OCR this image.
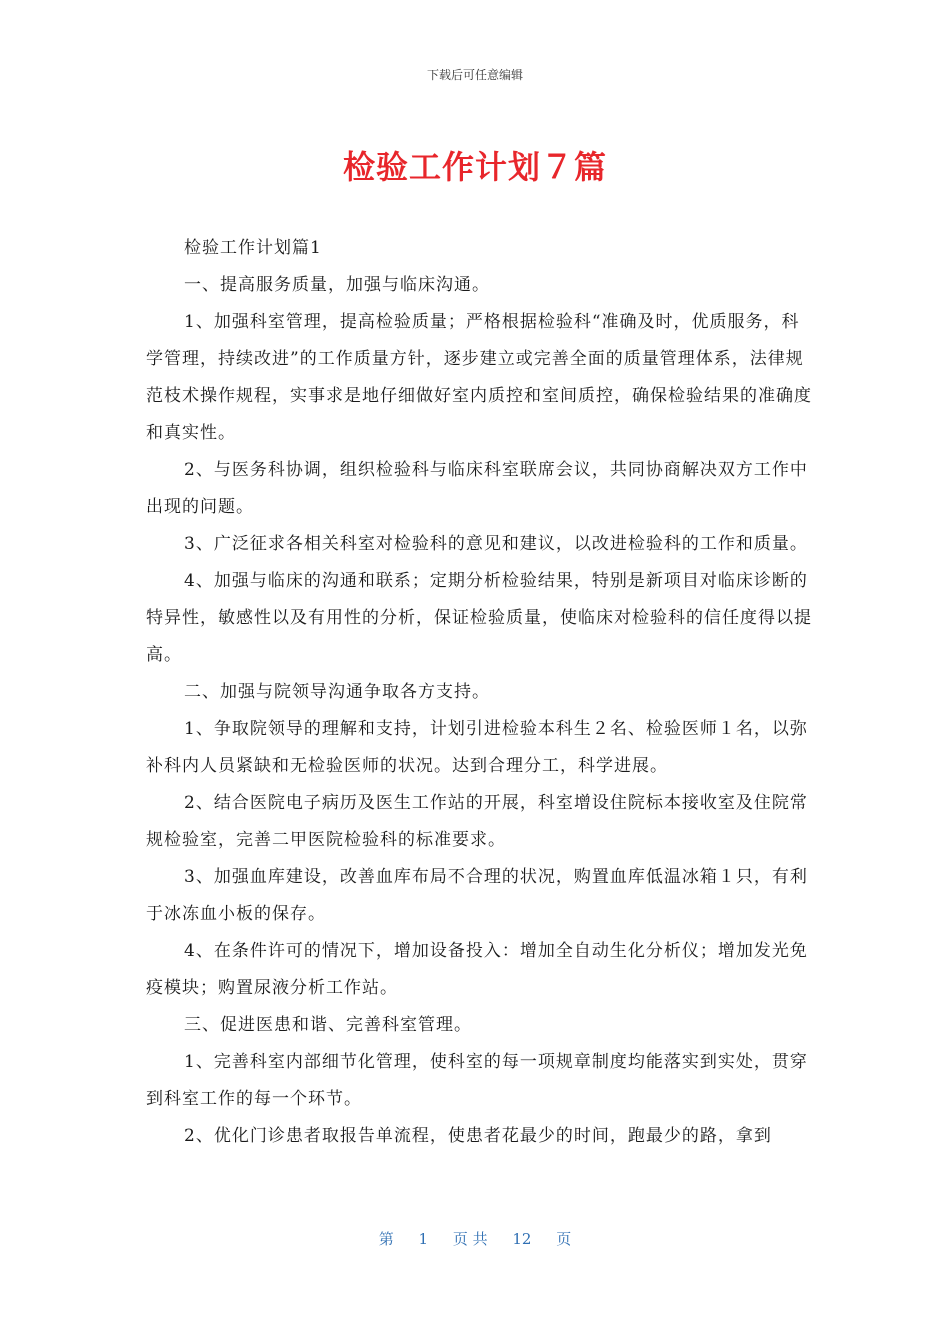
下载后可任意编辑
检验工作计划７篇

检验工作计划篇1

一、提高服务质量，加强与临床沟通。

1、加强科室管理，提高检验质量；严格根据检验科“准确及时，优质服务，科学管理，持续改进”的工作质量方针，逐步建立或完善全面的质量管理体系，法律规范枝术操作规程，实事求是地仔细做好室内质控和室间质控，确保检验结果的准确度和真实性。

2、与医务科协调，组织检验科与临床科室联席会议，共同协商解决双方工作中出现的问题。

3、广泛征求各相关科室对检验科的意见和建议，以改进检验科的工作和质量。

4、加强与临床的沟通和联系；定期分析检验结果，特别是新项目对临床诊断的特异性，敏感性以及有用性的分析，保证检验质量，使临床对检验科的信任度得以提高。

二、加强与院领导沟通争取各方支持。

1、争取院领导的理解和支持，计划引进检验本科生２名、检验医师１名，以弥补科内人员紧缺和无检验医师的状况。达到合理分工，科学进展。

2、结合医院电子病历及医生工作站的开展，科室增设住院标本接收室及住院常规检验室，完善二甲医院检验科的标准要求。

3、加强血库建设，改善血库布局不合理的状况，购置血库低温冰箱１只，有利于冰冻血小板的保存。

4、在条件许可的情况下，增加设备投入：增加全自动生化分析仪；增加发光免疫模块；购置尿液分析工作站。

三、促进医患和谐、完善科室管理。

1、完善科室内部细节化管理，使科室的每一项规章制度均能落实到实处，贯穿到科室工作的每一个环节。

2、优化门诊患者取报告单流程，使患者花最少的时间，跑最少的路，拿到

第 1 页 共 12 页
